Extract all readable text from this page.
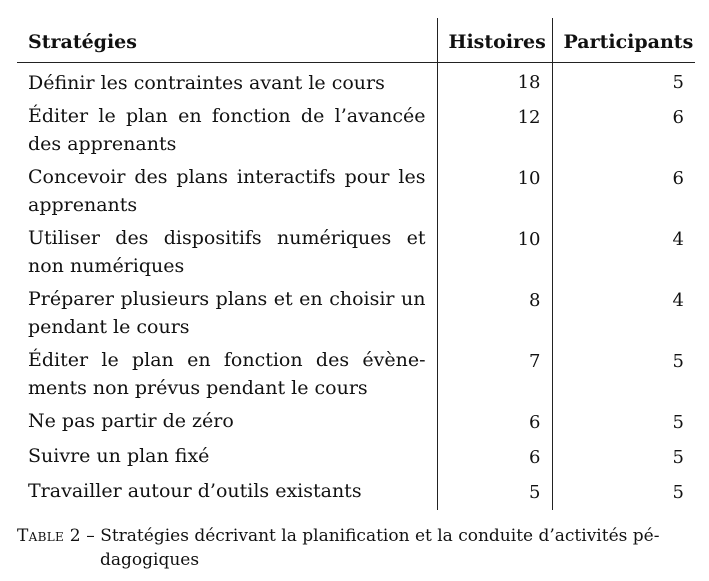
Stratégies	Histoires	Participants
Définir les contraintes avant le cours	18	5
Éditer le plan en fonction de l’avancée des apprenants	12	6
Concevoir des plans interactifs pour les apprenants	10	6
Utiliser des dispositifs numériques et non numériques	10	4
Préparer plusieurs plans et en choisir un pendant le cours	8	4
Éditer le plan en fonction des évène-ments non prévus pendant le cours	7	5
Ne pas partir de zéro	6	5
Suivre un plan fixé	6	5
Travailler autour d’outils existants	5	5
Table 2 – Stratégies décrivant la planification et la conduite d’activités pé-
dagogiques
